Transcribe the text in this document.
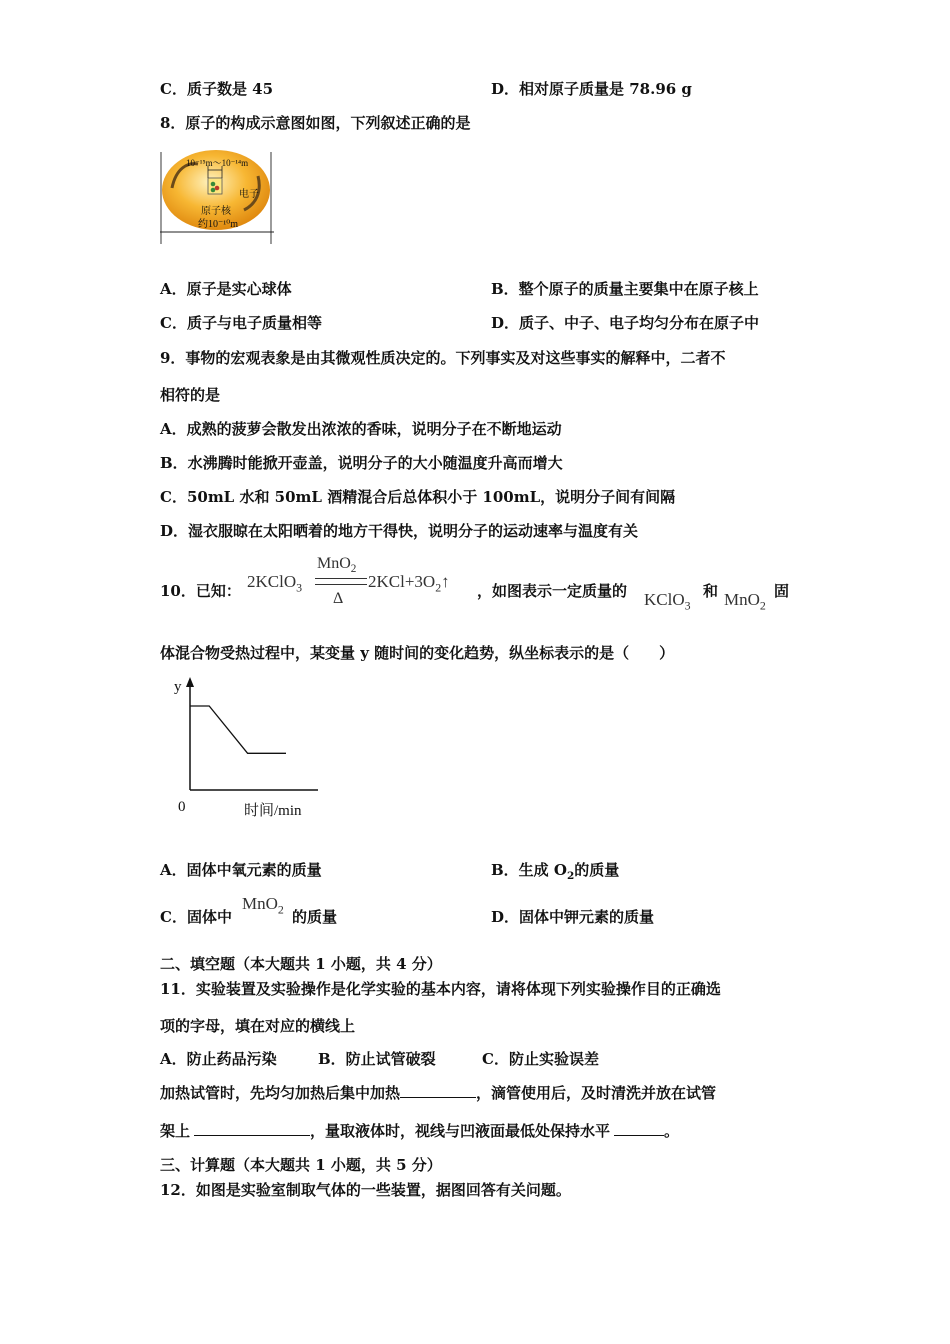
C．质子数是 45	D．相对原子质量是 78.96 g
8．原子的构成示意图如图，下列叙述正确的是
10⁻¹⁵m～10⁻¹⁴m
电子
原子核
约10⁻¹⁰m
A．原子是实心球体	B．整个原子的质量主要集中在原子核上
C．质子与电子质量相等	D．质子、中子、电子均匀分布在原子中
9．事物的宏观表象是由其微观性质决定的。下列事实及对这些事实的解释中，二者不
相符的是
A．成熟的菠萝会散发出浓浓的香味，说明分子在不断地运动
B．水沸腾时能掀开壶盖，说明分子的大小随温度升高而增大
C．50mL 水和 50mL 酒精混合后总体积小于 100mL，说明分子间有间隔
D．湿衣服晾在太阳晒着的地方干得快，说明分子的运动速率与温度有关
10．已知： 2KClO$_3$
MnO$_2$
Δ
$2KCl+3O_2↑$ ，如图表示一定质量的 KClO$_3$
和 MnO$_2$
固
体混合物受热过程中，某变量 y 随时间的变化趋势，纵坐标表示的是（　　）
y
0	时间/min
A．固体中氧元素的质量	B．生成 $O_2$的质量
C．固体中
MnO$_2$ 的质量	D．固体中钾元素的质量
二、填空题（本大题共 1 小题，共 4 分）
11．实验装置及实验操作是化学实验的基本内容，请将体现下列实验操作目的正确选
项的字母，填在对应的横线上
A．防止药品污染	B．防止试管破裂	C．防止实验误差
加热试管时，先均匀加热后集中加热	，滴管使用后，及时清洗并放在试管
架上	，量取液体时，视线与凹液面最低处保持水平	。
三、计算题（本大题共 1 小题，共 5 分）
12．如图是实验室制取气体的一些装置，据图回答有关问题。
